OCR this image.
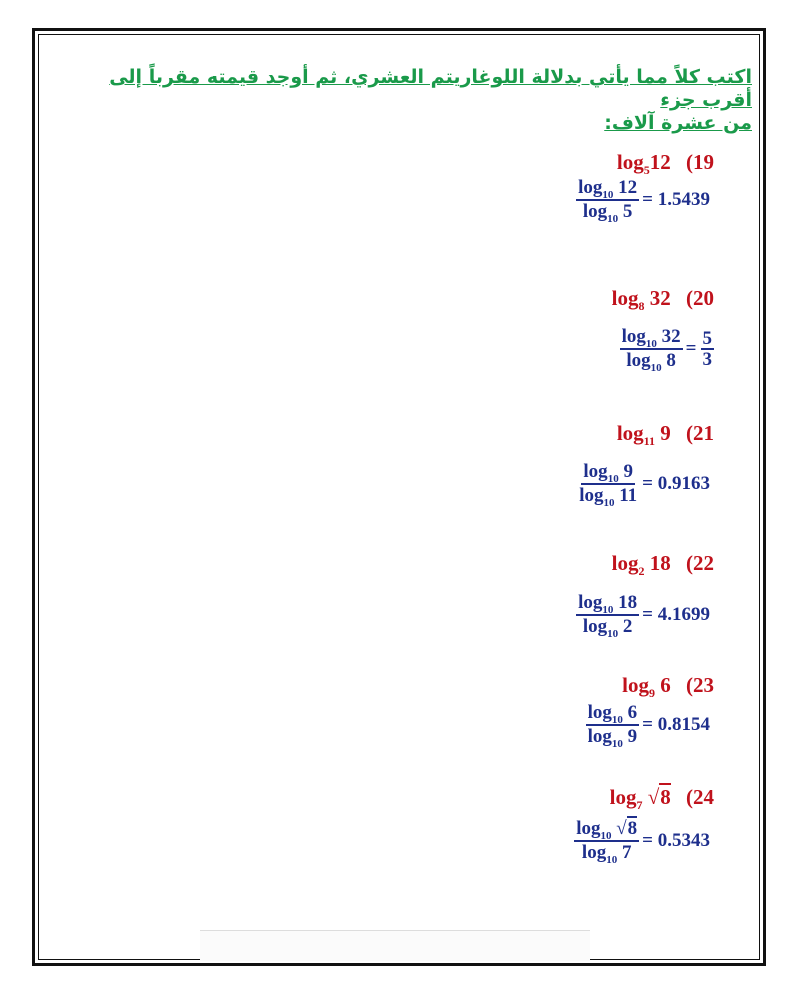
اكتب كلاً مما يأتي بدلالة اللوغاريتم العشري، ثم أوجد قيمته مقرباً إلى أقرب جزء
من عشرة آلاف:
$\log_512$ (19
$\frac{\log_{10} 12}{\log_{10} 5} = 1.5439$
$\log_8 32$ (20
$\frac{\log_{10} 32}{\log_{10} 8} = \frac{5}{3}$
$\log_{11} 9$ (21
$\frac{\log_{10} 9}{\log_{10} 11} = 0.9163$
$\log_2 18$ (22
$\frac{\log_{10} 18}{\log_{10} 2} = 4.1699$
$\log_9 6$ (23
$\frac{\log_{10} 6}{\log_{10} 9} = 0.8154$
$\log_7 √8$ (24
$\frac{\log_{10} √8}{\log_{10} 7} = 0.5343$
